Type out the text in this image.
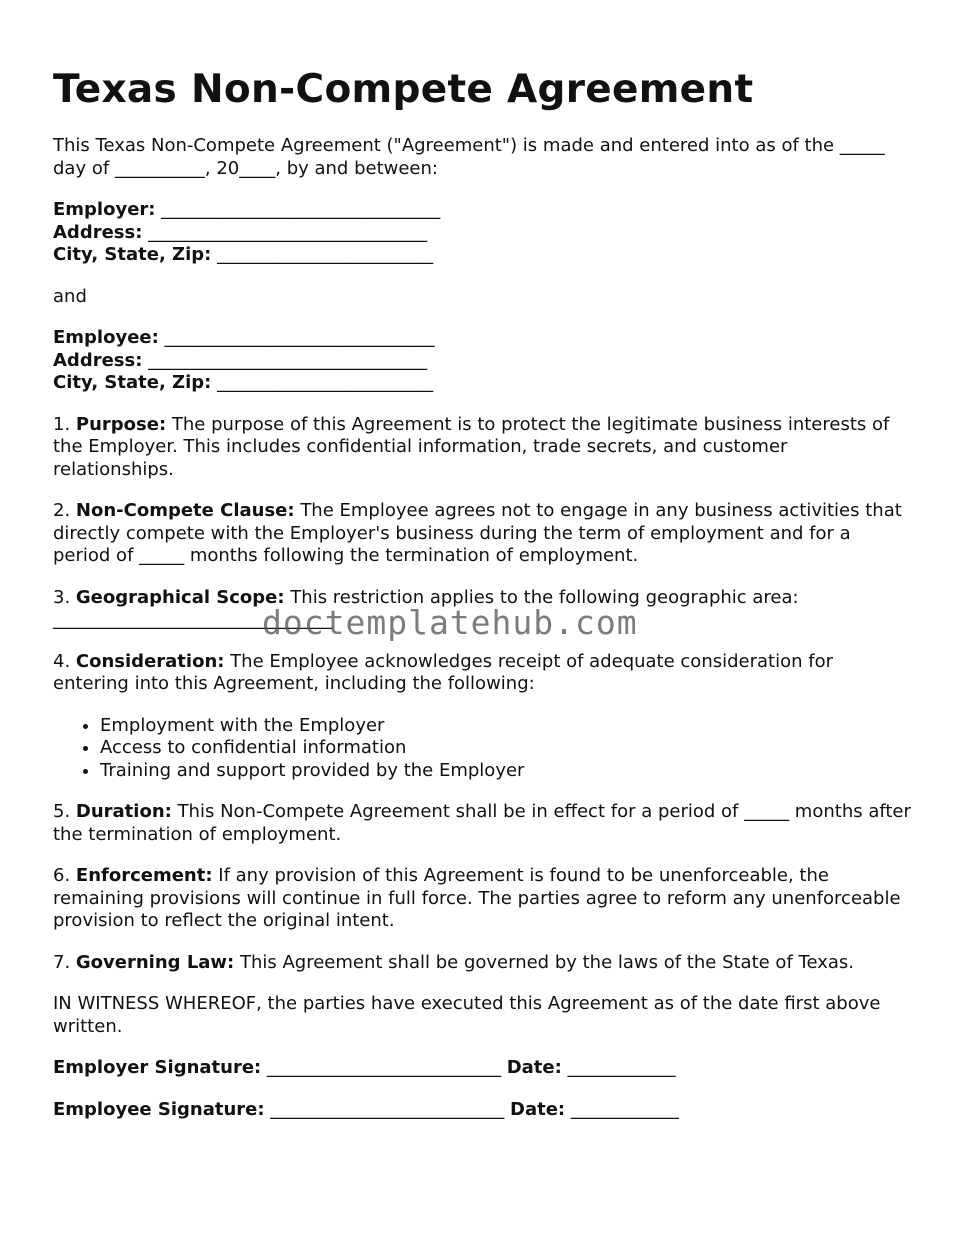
Texas Non-Compete Agreement

This Texas Non-Compete Agreement ("Agreement") is made and entered into as of the _____ day of __________, 20____, by and between:

Employer: _______________________________
Address: _______________________________
City, State, Zip: ________________________

and

Employee: ______________________________
Address: _______________________________
City, State, Zip: ________________________

1. Purpose: The purpose of this Agreement is to protect the legitimate business interests of the Employer. This includes confidential information, trade secrets, and customer relationships.

2. Non-Compete Clause: The Employee agrees not to engage in any business activities that directly compete with the Employer's business during the term of employment and for a period of _____ months following the termination of employment.

3. Geographical Scope: This restriction applies to the following geographic area:
_______________________________

4. Consideration: The Employee acknowledges receipt of adequate consideration for entering into this Agreement, including the following:

• Employment with the Employer
• Access to confidential information
• Training and support provided by the Employer

5. Duration: This Non-Compete Agreement shall be in effect for a period of _____ months after the termination of employment.

6. Enforcement: If any provision of this Agreement is found to be unenforceable, the remaining provisions will continue in full force. The parties agree to reform any unenforceable provision to reflect the original intent.

7. Governing Law: This Agreement shall be governed by the laws of the State of Texas.

IN WITNESS WHEREOF, the parties have executed this Agreement as of the date first above written.

Employer Signature: __________________________ Date: ____________

Employee Signature: __________________________ Date: ____________

doctemplatehub.com
